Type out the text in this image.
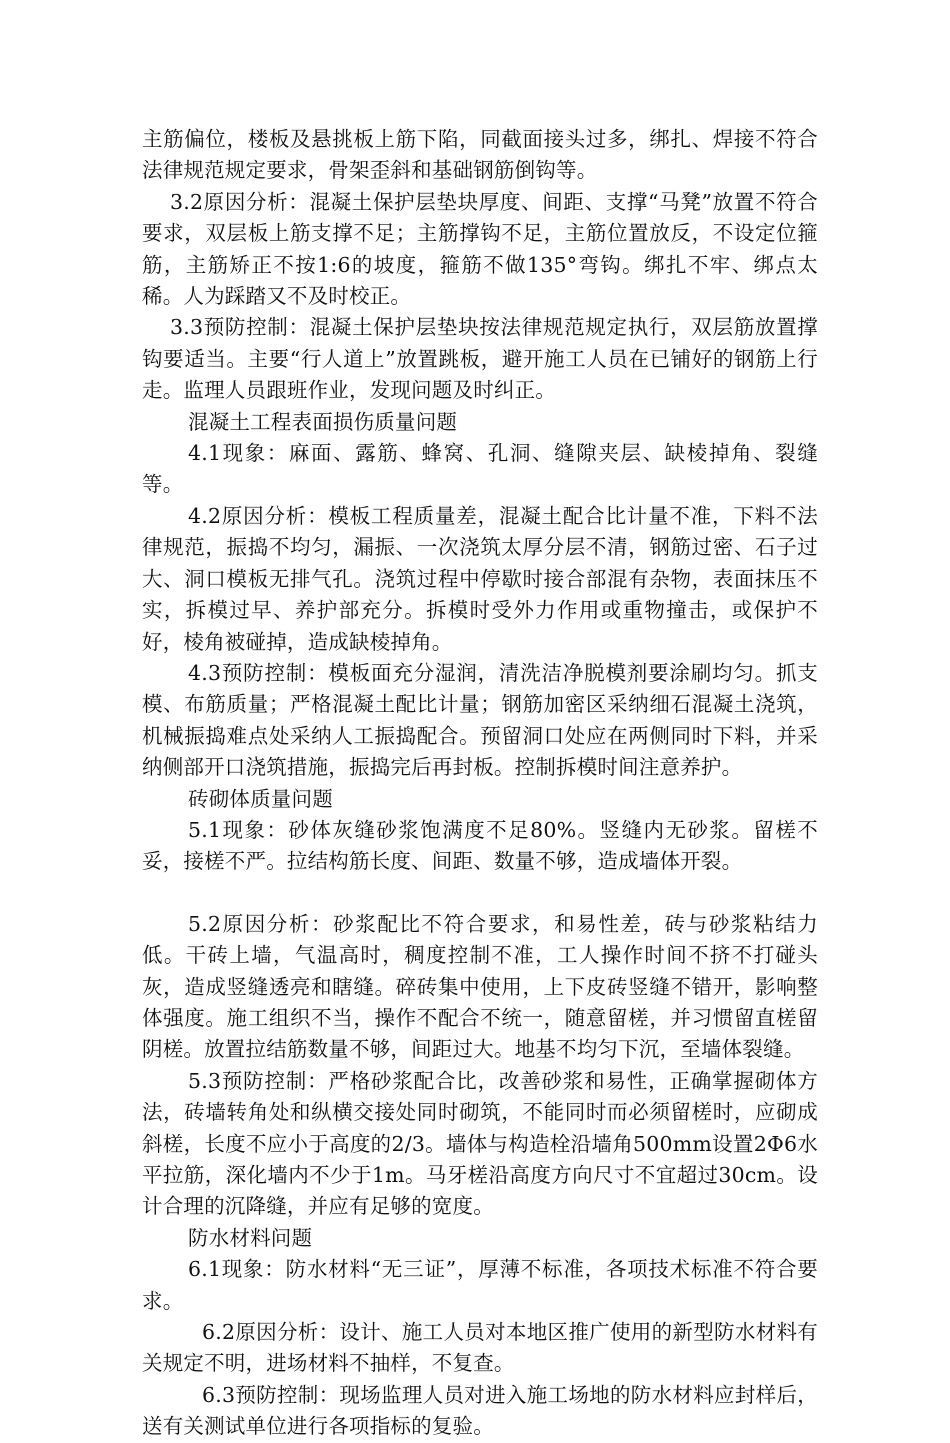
主筋偏位，楼板及悬挑板上筋下陷，同截面接头过多，绑扎、焊接不符合法律规范规定要求，骨架歪斜和基础钢筋倒钩等。

3.2原因分析：混凝土保护层垫块厚度、间距、支撑“马凳”放置不符合要求，双层板上筋支撑不足；主筋撑钩不足，主筋位置放反，不设定位箍筋，主筋矫正不按1:6的坡度，箍筋不做135°弯钩。绑扎不牢、绑点太稀。人为踩踏又不及时校正。

3.3预防控制：混凝土保护层垫块按法律规范规定执行，双层筋放置撑钩要适当。主要“行人道上”放置跳板，避开施工人员在已铺好的钢筋上行走。监理人员跟班作业，发现问题及时纠正。

混凝土工程表面损伤质量问题

4.1现象：麻面、露筋、蜂窝、孔洞、缝隙夹层、缺棱掉角、裂缝等。

4.2原因分析：模板工程质量差，混凝土配合比计量不准，下料不法律规范，振捣不均匀，漏振、一次浇筑太厚分层不清，钢筋过密、石子过大、洞口模板无排气孔。浇筑过程中停歇时接合部混有杂物，表面抹压不实，拆模过早、养护部充分。拆模时受外力作用或重物撞击，或保护不好，棱角被碰掉，造成缺棱掉角。

4.3预防控制：模板面充分湿润，清洗洁净脱模剂要涂刷均匀。抓支模、布筋质量；严格混凝土配比计量；钢筋加密区采纳细石混凝土浇筑，机械振捣难点处采纳人工振捣配合。预留洞口处应在两侧同时下料，并采纳侧部开口浇筑措施，振捣完后再封板。控制拆模时间注意养护。

砖砌体质量问题

5.1现象：砂体灰缝砂浆饱满度不足80%。竖缝内无砂浆。留槎不妥，接槎不严。拉结构筋长度、间距、数量不够，造成墙体开裂。

5.2原因分析：砂浆配比不符合要求，和易性差，砖与砂浆粘结力低。干砖上墙，气温高时，稠度控制不准，工人操作时间不挤不打碰头灰，造成竖缝透亮和瞎缝。碎砖集中使用，上下皮砖竖缝不错开，影响整体强度。施工组织不当，操作不配合不统一，随意留槎，并习惯留直槎留阴槎。放置拉结筋数量不够，间距过大。地基不均匀下沉，至墙体裂缝。

5.3预防控制：严格砂浆配合比，改善砂浆和易性，正确掌握砌体方法，砖墙转角处和纵横交接处同时砌筑，不能同时而必须留槎时，应砌成斜槎，长度不应小于高度的2/3。墙体与构造栓沿墙角500mm设置2Φ6水平拉筋，深化墙内不少于1m。马牙槎沿高度方向尺寸不宜超过30cm。设计合理的沉降缝，并应有足够的宽度。

防水材料问题

6.1现象：防水材料“无三证”，厚薄不标准，各项技术标准不符合要求。

6.2原因分析：设计、施工人员对本地区推广使用的新型防水材料有关规定不明，进场材料不抽样，不复查。

6.3预防控制：现场监理人员对进入施工场地的防水材料应封样后，送有关测试单位进行各项指标的复验。
